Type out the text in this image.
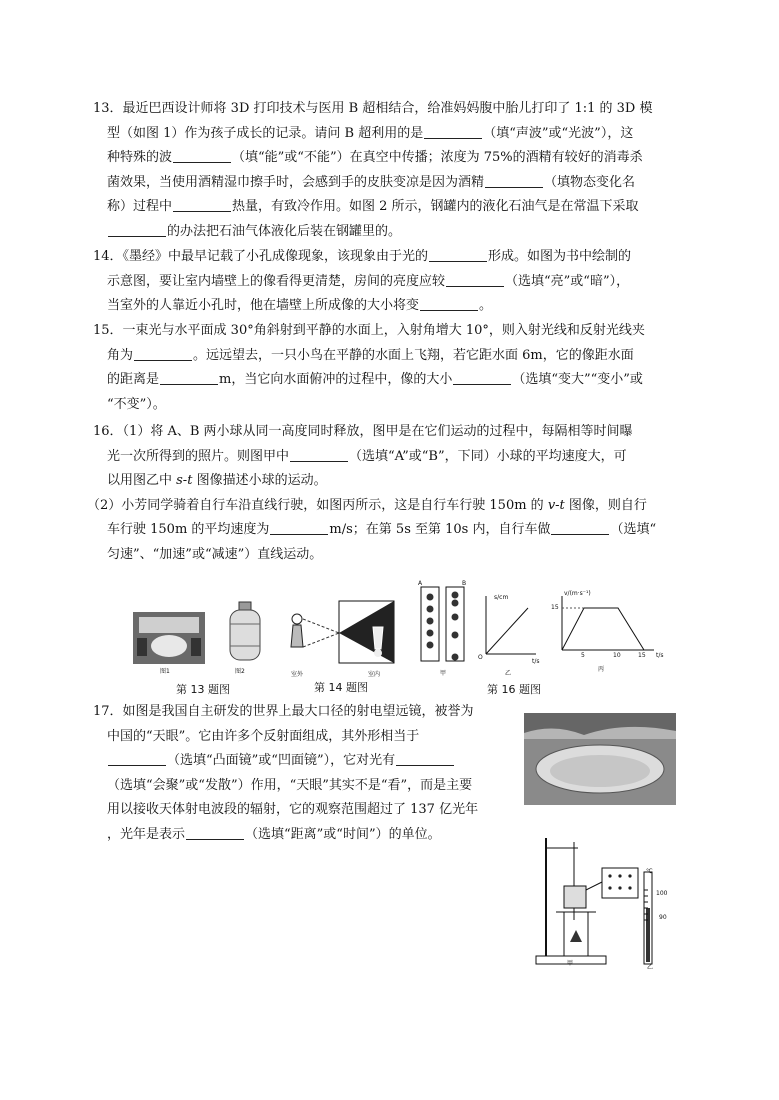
13．最近巴西设计师将 3D 打印技术与医用 B 超相结合，给准妈妈腹中胎儿打印了 1:1 的 3D 模
型（如图 1）作为孩子成长的记录。请问 B 超利用的是	（填“声波”或“光波”），这
种特殊的波	（填“能”或“不能”）在真空中传播；浓度为 75%的酒精有较好的消毒杀
菌效果，当使用酒精湿巾擦手时，会感到手的皮肤变凉是因为酒精	（填物态变化名
称）过程中	热量，有致冷作用。如图 2 所示，钢罐内的液化石油气是在常温下采取
的办法把石油气体液化后装在钢罐里的。
14．《墨经》中最早记载了小孔成像现象，该现象由于光的	形成。如图为书中绘制的
示意图，要让室内墙壁上的像看得更清楚，房间的亮度应较	（选填“亮”或“暗”），
当室外的人靠近小孔时，他在墙壁上所成像的大小将变	。
15．一束光与水平面成 30°角斜射到平静的水面上，入射角增大 10°，则入射光线和反射光线夹
角为	。远远望去，一只小鸟在平静的水面上飞翔，若它距水面 6m，它的像距水面
的距离是	m，当它向水面俯冲的过程中，像的大小	（选填“变大”“变小”或
“不变”）。
16．（1）将 A、B 两小球从同一高度同时释放，图甲是在它们运动的过程中，每隔相等时间曝
光一次所得到的照片。则图甲中	（选填“A”或“B”，下同）小球的平均速度大，可
以用图乙中 s-t 图像描述小球的运动。
（2）小芳同学骑着自行车沿直线行驶，如图丙所示，这是自行车行驶 150m 的 v-t 图像，则自行
车行驶 150m 的平均速度为	m/s；在第 5s 至第 10s 内，自行车做	（选填“
匀速”、“加速”或“减速”）直线运动。
图1	图2	室外	室内
A	B
甲
s/cm
O
t/s
乙
v/(m·s⁻¹)
15
5	10	15 t/s
丙
第 13 题图	第 14 题图	第 16 题图
17．如图是我国自主研发的世界上最大口径的射电望远镜，被誉为
中国的“天眼”。它由许多个反射面组成，其外形相当于
（选填“凸面镜”或“凹面镜”），它对光有
（选填“会聚”或“发散”）作用，“天眼”其实不是“看”，而是主要
用以接收天体射电波段的辐射，它的观察范围超过了 137 亿光年
，光年是表示	（选填“距离”或“时间”）的单位。
℃
100
90
甲
乙
